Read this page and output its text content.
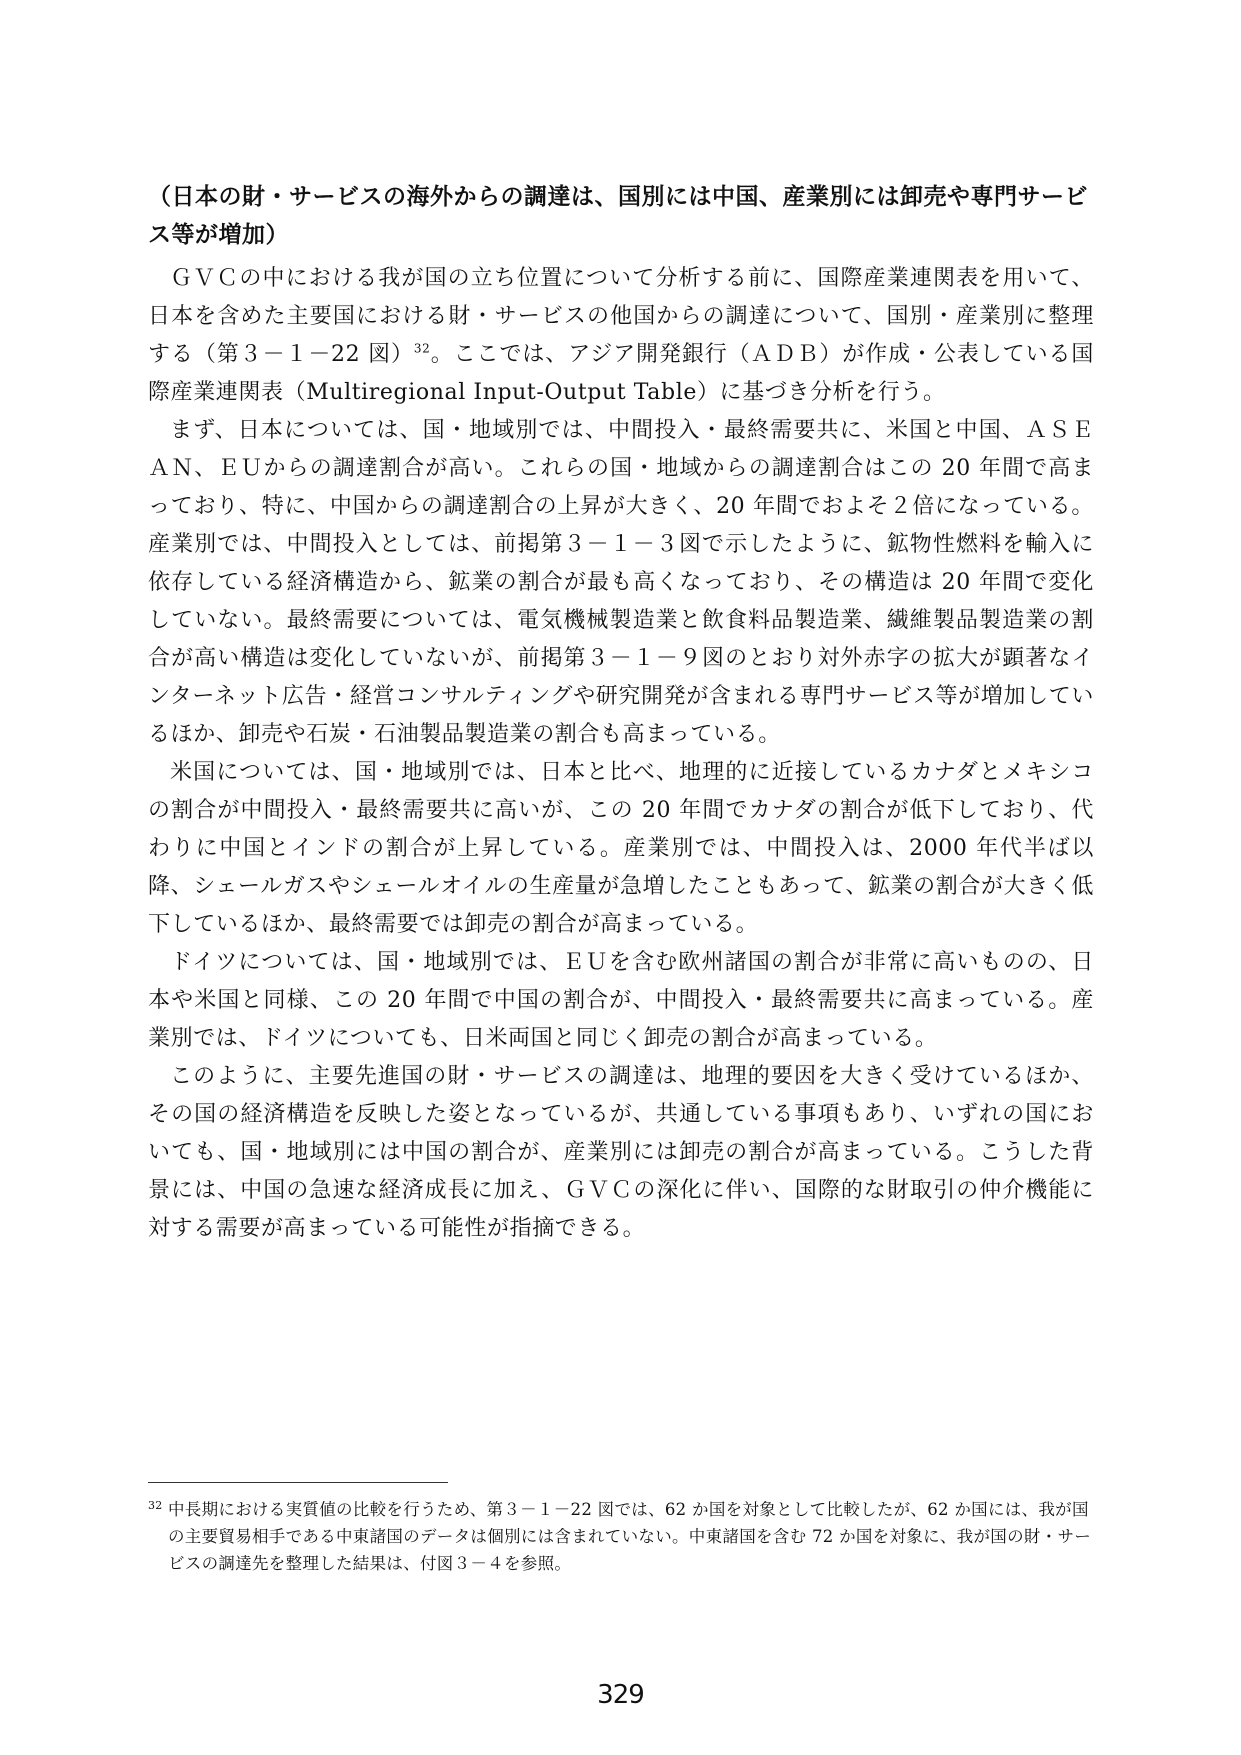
（日本の財・サービスの海外からの調達は、国別には中国、産業別には卸売や専門サービス等が増加）

ＧＶＣの中における我が国の立ち位置について分析する前に、国際産業連関表を用いて、日本を含めた主要国における財・サービスの他国からの調達について、国別・産業別に整理する（第３－１－22 図）$^{32}$。ここでは、アジア開発銀行（ＡＤＢ）が作成・公表している国際産業連関表（Multiregional Input-Output Table）に基づき分析を行う。

まず、日本については、国・地域別では、中間投入・最終需要共に、米国と中国、ＡＳＥＡＮ、ＥＵからの調達割合が高い。これらの国・地域からの調達割合はこの 20 年間で高まっており、特に、中国からの調達割合の上昇が大きく、20 年間でおよそ２倍になっている。産業別では、中間投入としては、前掲第３－１－３図で示したように、鉱物性燃料を輸入に依存している経済構造から、鉱業の割合が最も高くなっており、その構造は 20 年間で変化していない。最終需要については、電気機械製造業と飲食料品製造業、繊維製品製造業の割合が高い構造は変化していないが、前掲第３－１－９図のとおり対外赤字の拡大が顕著なインターネット広告・経営コンサルティングや研究開発が含まれる専門サービス等が増加しているほか、卸売や石炭・石油製品製造業の割合も高まっている。

米国については、国・地域別では、日本と比べ、地理的に近接しているカナダとメキシコの割合が中間投入・最終需要共に高いが、この 20 年間でカナダの割合が低下しており、代わりに中国とインドの割合が上昇している。産業別では、中間投入は、2000 年代半ば以降、シェールガスやシェールオイルの生産量が急増したこともあって、鉱業の割合が大きく低下しているほか、最終需要では卸売の割合が高まっている。

ドイツについては、国・地域別では、ＥＵを含む欧州諸国の割合が非常に高いものの、日本や米国と同様、この 20 年間で中国の割合が、中間投入・最終需要共に高まっている。産業別では、ドイツについても、日米両国と同じく卸売の割合が高まっている。

このように、主要先進国の財・サービスの調達は、地理的要因を大きく受けているほか、その国の経済構造を反映した姿となっているが、共通している事項もあり、いずれの国においても、国・地域別には中国の割合が、産業別には卸売の割合が高まっている。こうした背景には、中国の急速な経済成長に加え、ＧＶＣの深化に伴い、国際的な財取引の仲介機能に対する需要が高まっている可能性が指摘できる。

32 中長期における実質値の比較を行うため、第３－１－22 図では、62 か国を対象として比較したが、62 か国には、我が国の主要貿易相手である中東諸国のデータは個別には含まれていない。中東諸国を含む 72 か国を対象に、我が国の財・サービスの調達先を整理した結果は、付図３－４を参照。
329
